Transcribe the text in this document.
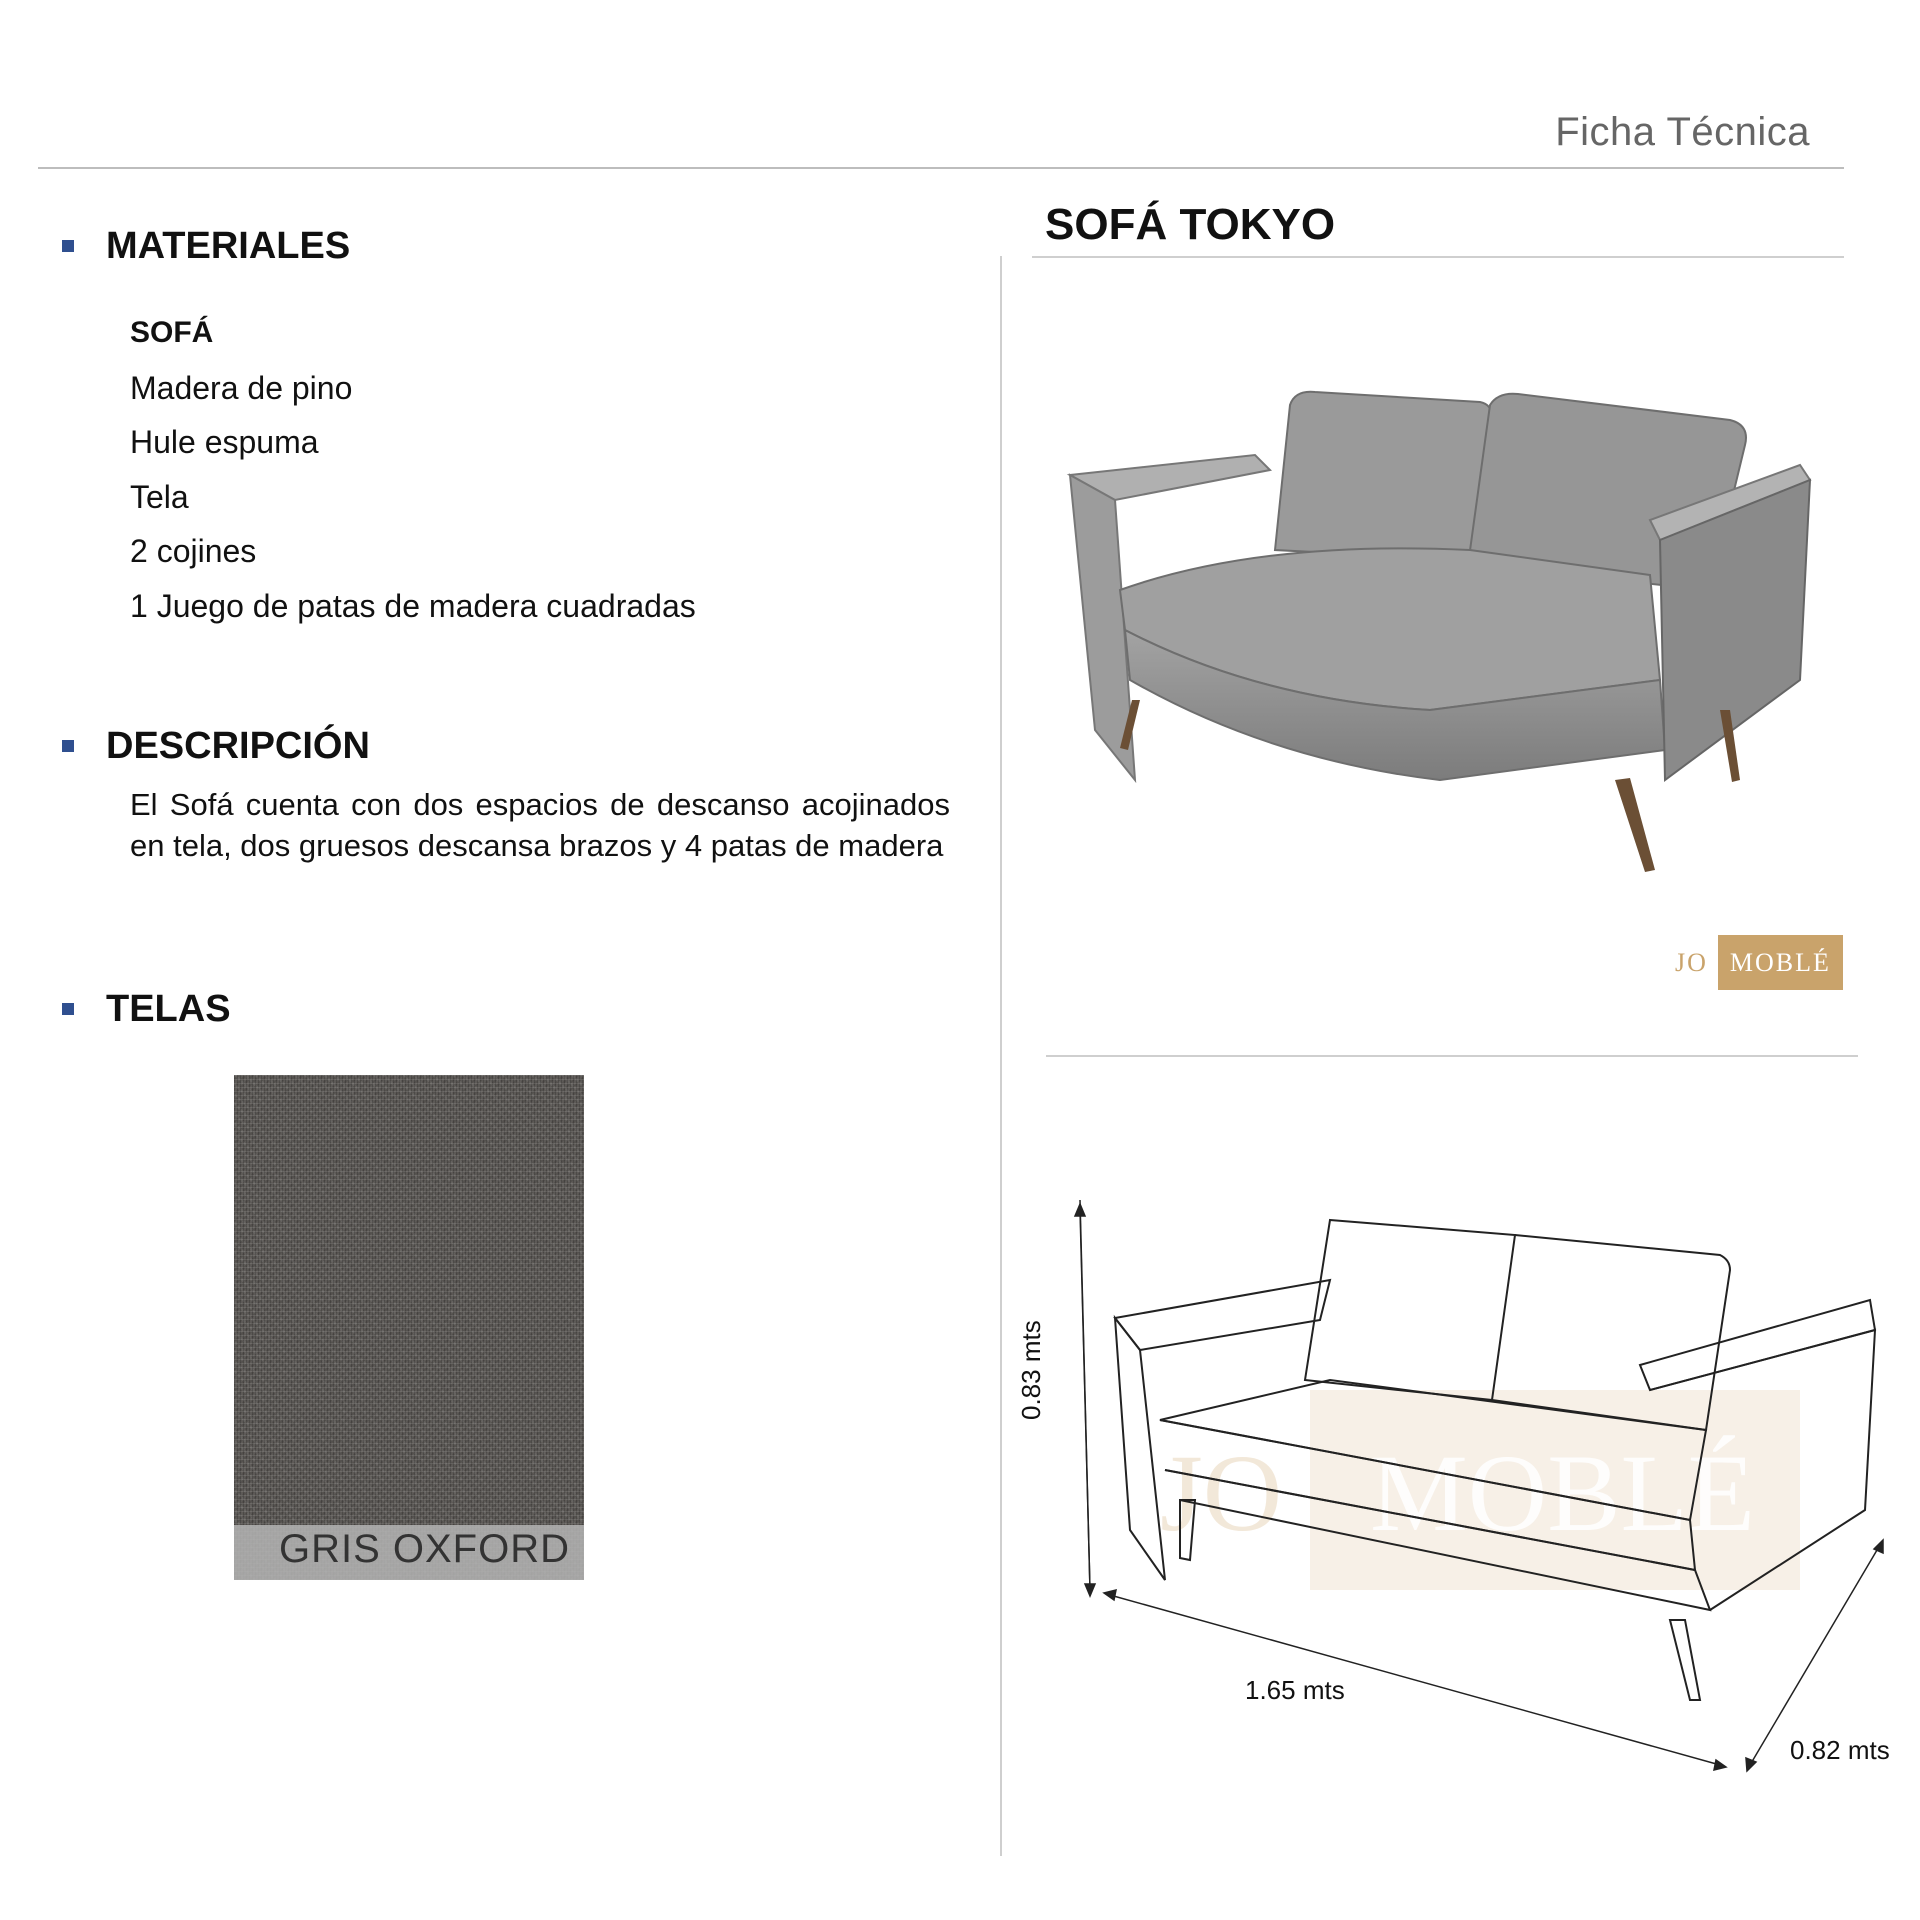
Ficha Técnica
MATERIALES
SOFÁ
Madera de pino
Hule espuma
Tela
2 cojines
1 Juego de patas de madera cuadradas
DESCRIPCIÓN
El Sofá cuenta con dos espacios de descanso acojinados en tela, dos gruesos descansa brazos y 4 patas de madera
TELAS
GRIS OXFORD
SOFÁ TOKYO
JO MOBLÉ
JO MOBLÉ
0.83 mts
1.65 mts
0.82 mts
